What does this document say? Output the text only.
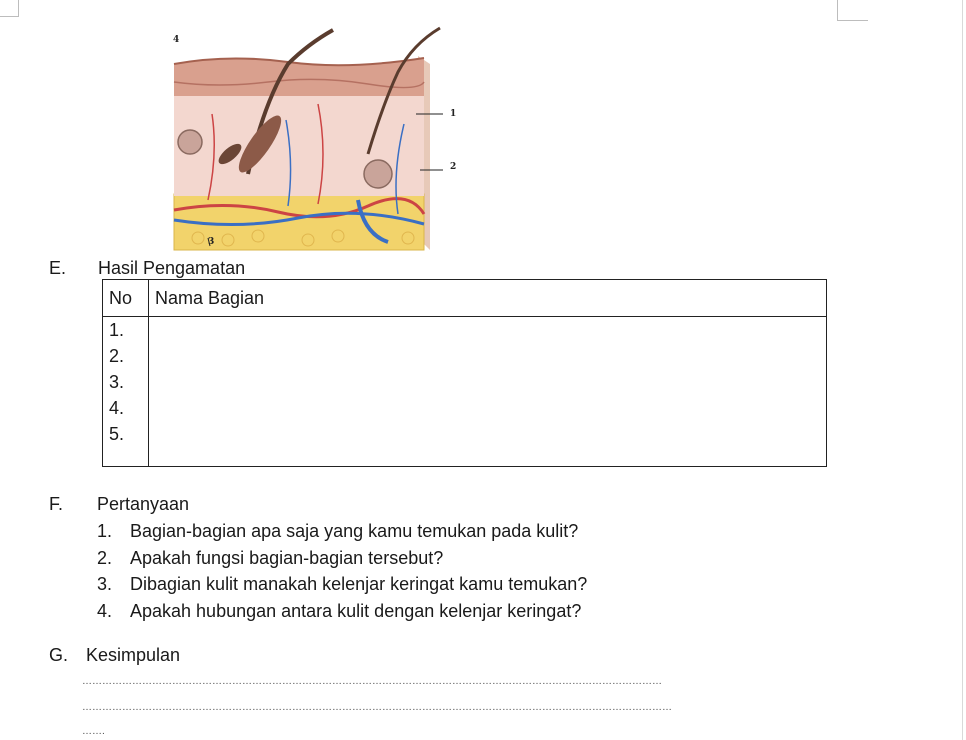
4
1
2
3
E. Hasil Pengamatan
No	Nama Bagian

1.
2.
3.
4.
5.	

F. Pertanyaan
1. Bagian-bagian apa saja yang kamu temukan pada kulit?
2. Apakah fungsi bagian-bagian tersebut?
3. Dibagian kulit manakah kelenjar keringat kamu temukan?
4. Apakah hubungan antara kulit dengan kelenjar keringat?
G. Kesimpulan
…………………………………………………………………………………………………………………………………………………………
……………………………………………………………………………………………………………………………………………………………
…….
